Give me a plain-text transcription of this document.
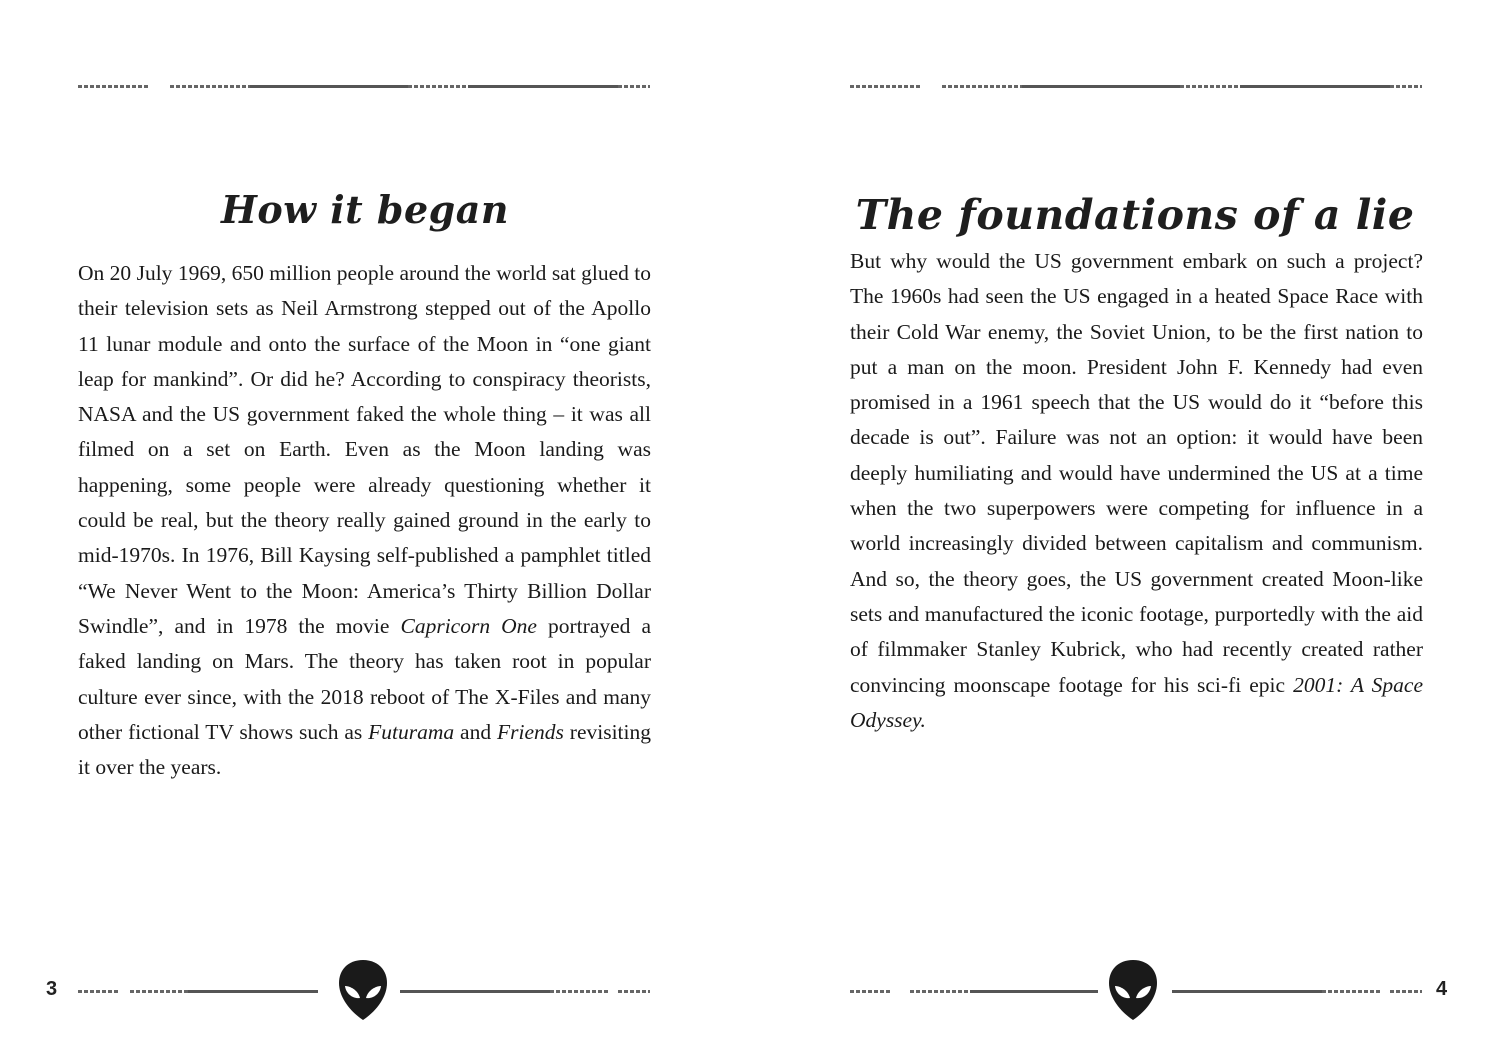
How it began

On 20 July 1969, 650 million people around the world sat glued to their television sets as Neil Armstrong stepped out of the Apollo 11 lunar module and onto the surface of the Moon in “one giant leap for mankind”. Or did he? According to conspiracy theorists, NASA and the US government faked the whole thing – it was all filmed on a set on Earth. Even as the Moon landing was happening, some people were already questioning whether it could be real, but the theory really gained ground in the early to mid-1970s. In 1976, Bill Kaysing self-published a pamphlet titled “We Never Went to the Moon: America’s Thirty Billion Dollar Swindle”, and in 1978 the movie Capricorn One portrayed a faked landing on Mars. The theory has taken root in popular culture ever since, with the 2018 reboot of The X-Files and many other fictional TV shows such as Futurama and Friends revisiting it over the years.

3
The foundations of a lie

But why would the US government embark on such a project? The 1960s had seen the US engaged in a heated Space Race with their Cold War enemy, the Soviet Union, to be the first nation to put a man on the moon. President John F. Kennedy had even promised in a 1961 speech that the US would do it “before this decade is out”. Failure was not an option: it would have been deeply humiliating and would have undermined the US at a time when the two superpowers were competing for influence in a world increasingly divided between capitalism and communism. And so, the theory goes, the US government created Moon-like sets and manufactured the iconic footage, purportedly with the aid of filmmaker Stanley Kubrick, who had recently created rather convincing moonscape footage for his sci-fi epic 2001: A Space Odyssey.

4
